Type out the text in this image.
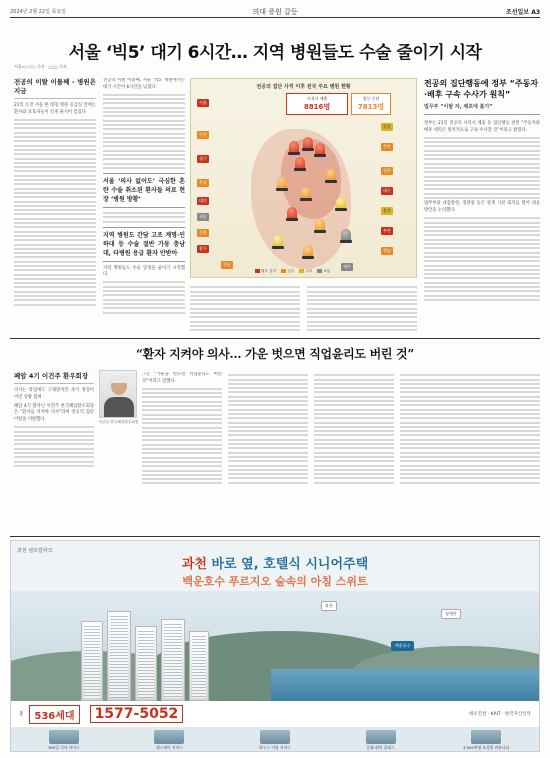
2024년 2월 22일 목요일	의대 증원 갈등	조선일보 A3
서울 ‘빅5’ 대기 6시간… 지역 병원들도 수술 줄이기 시작
서울=○○○ 기자 · △△△ 기자
전공의 이탈 이틀째 - 병원은 지금
21일 오전 서울 한 대형 병원 응급실 앞에는 환자와 보호자들이 길게 줄지어 있었다.
전공의 이탈 이틀째, 서울 ‘빅5’ 병원에서는 대기 시간이 6시간을 넘겼다.
서울 ‘의사 없어도’ 극심한 혼란 수술 취소된 환자들 의료 현장 ‘병원 방황’
지역 병원도 간담 고조 계명·인하대 등 수술 절반 가동 충남대, 타병원 응급 환자 안받아
지역 병원들도 수술 일정을 줄이기 시작했다.
전공의 집단 사직 이후 전국 주요 병원 현황
사직서 제출
8816명
업무 중단
7813명
서울
인천
경기
강원
충북
충남
대전
세종
전북
광주
전남
경북
대구
울산
부산
경남
제주
매우 심각	심각	주의	보통
전공의 집단행동에 정부 “주동자·배후 구속 수사가 원칙”
법무부 “이탈 자, 체포에 불가”
정부는 21일 전공의 사직서 제출 등 집단행동 관련 “주동자와 배후 세력은 원칙적으로 구속 수사할 것”이라고 밝혔다.
법무부와 대검찰청, 경찰청 등은 관계 기관 회의를 열어 대응 방안을 논의했다.
“환자 지켜야 의사… 가운 벗으면 직업윤리도 버린 것”
폐암 4기 이건주 환우회장
의사는 라임에도 구제받지만 과거 정형이 이번 상황 불허
폐암 4기 환자인 이건주 한국폐암환우회장은 “환자를 지켜야 의사”라며 전공의 집단 이탈을 비판했다.	이건주 한국폐암환우회장
그는 “가운을 벗으면 직업윤리도 버린 것”이라고 말했다.
과천 센트럴파크
과천 바로 옆, 호텔식 시니어주택
백운호수 푸르지오 숲속의 아침 스위트
과천
백운호수
청계산
총	536세대	1577-5052	대우건설 · KAIT · 한국자산신탁
365일 식사 서비스	헬스케어 서비스	하우스 키핑 서비스	문화·취미 클래스	3,500여평 조경형 커뮤니티
